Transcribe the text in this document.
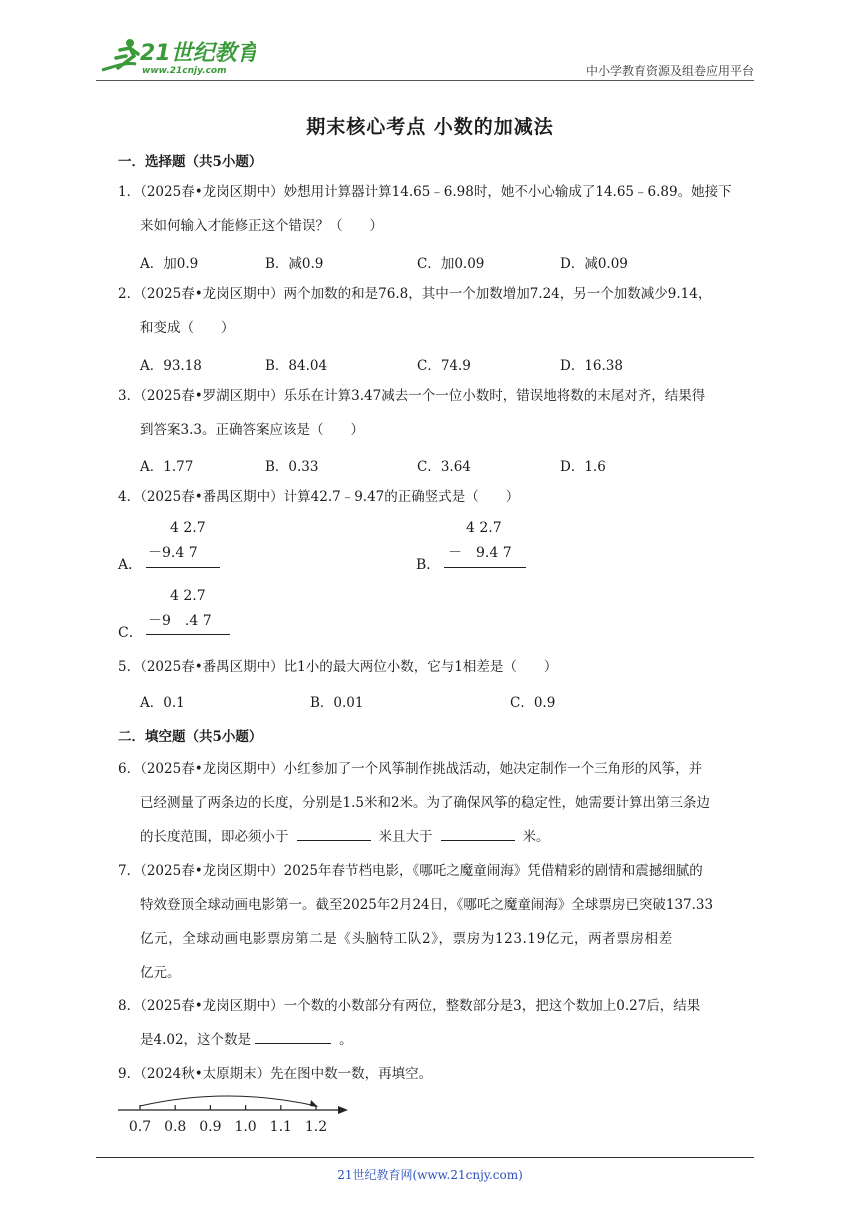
21世纪教育
www.21cnjy.com	中小学教育资源及组卷应用平台
期末核心考点 小数的加减法
一．选择题（共5小题）
1．（2025春•龙岗区期中）妙想用计算器计算14.65﹣6.98时，她不小心输成了14.65﹣6.89。她接下
来如何输入才能修正这个错误？（　　）
A．加0.9	B．减0.9	C．加0.09	D．减0.09
2．（2025春•龙岗区期中）两个加数的和是76.8，其中一个加数增加7.24，另一个加数减少9.14，
和变成（　　）
A．93.18	B．84.04	C．74.9	D．16.38
3．（2025春•罗湖区期中）乐乐在计算3.47减去一个一位小数时，错误地将数的末尾对齐，结果得
到答案3.3。正确答案应该是（　　）
A．1.77	B．0.33	C．3.64	D．1.6
4．（2025春•番禺区期中）计算42.7﹣9.47的正确竖式是（　　）
A．
4 2.7
－9.4 7
B．
4 2.7
－　9.4 7
C．
4 2.7
－9　.4 7
5．（2025春•番禺区期中）比1小的最大两位小数，它与1相差是（　　）
A．0.1	B．0.01	C．0.9
二．填空题（共5小题）
6．（2025春•龙岗区期中）小红参加了一个风筝制作挑战活动，她决定制作一个三角形的风筝，并
已经测量了两条边的长度，分别是1.5米和2米。为了确保风筝的稳定性，她需要计算出第三条边
的长度范围，即必须小于	米且大于	米。
7．（2025春•龙岗区期中）2025年春节档电影，《哪吒之魔童闹海》凭借精彩的剧情和震撼细腻的
特效登顶全球动画电影第一。截至2025年2月24日，《哪吒之魔童闹海》全球票房已突破137.33
亿元，全球动画电影票房第二是《头脑特工队2》，票房为123.19亿元，两者票房相差
亿元。
8．（2025春•龙岗区期中）一个数的小数部分有两位，整数部分是3，把这个数加上0.27后，结果
是4.02，这个数是	。
9．（2024秋•太原期末）先在图中数一数，再填空。
0.7 0.8 0.9 1.0 1.1 1.2
21世纪教育网(www.21cnjy.com)
